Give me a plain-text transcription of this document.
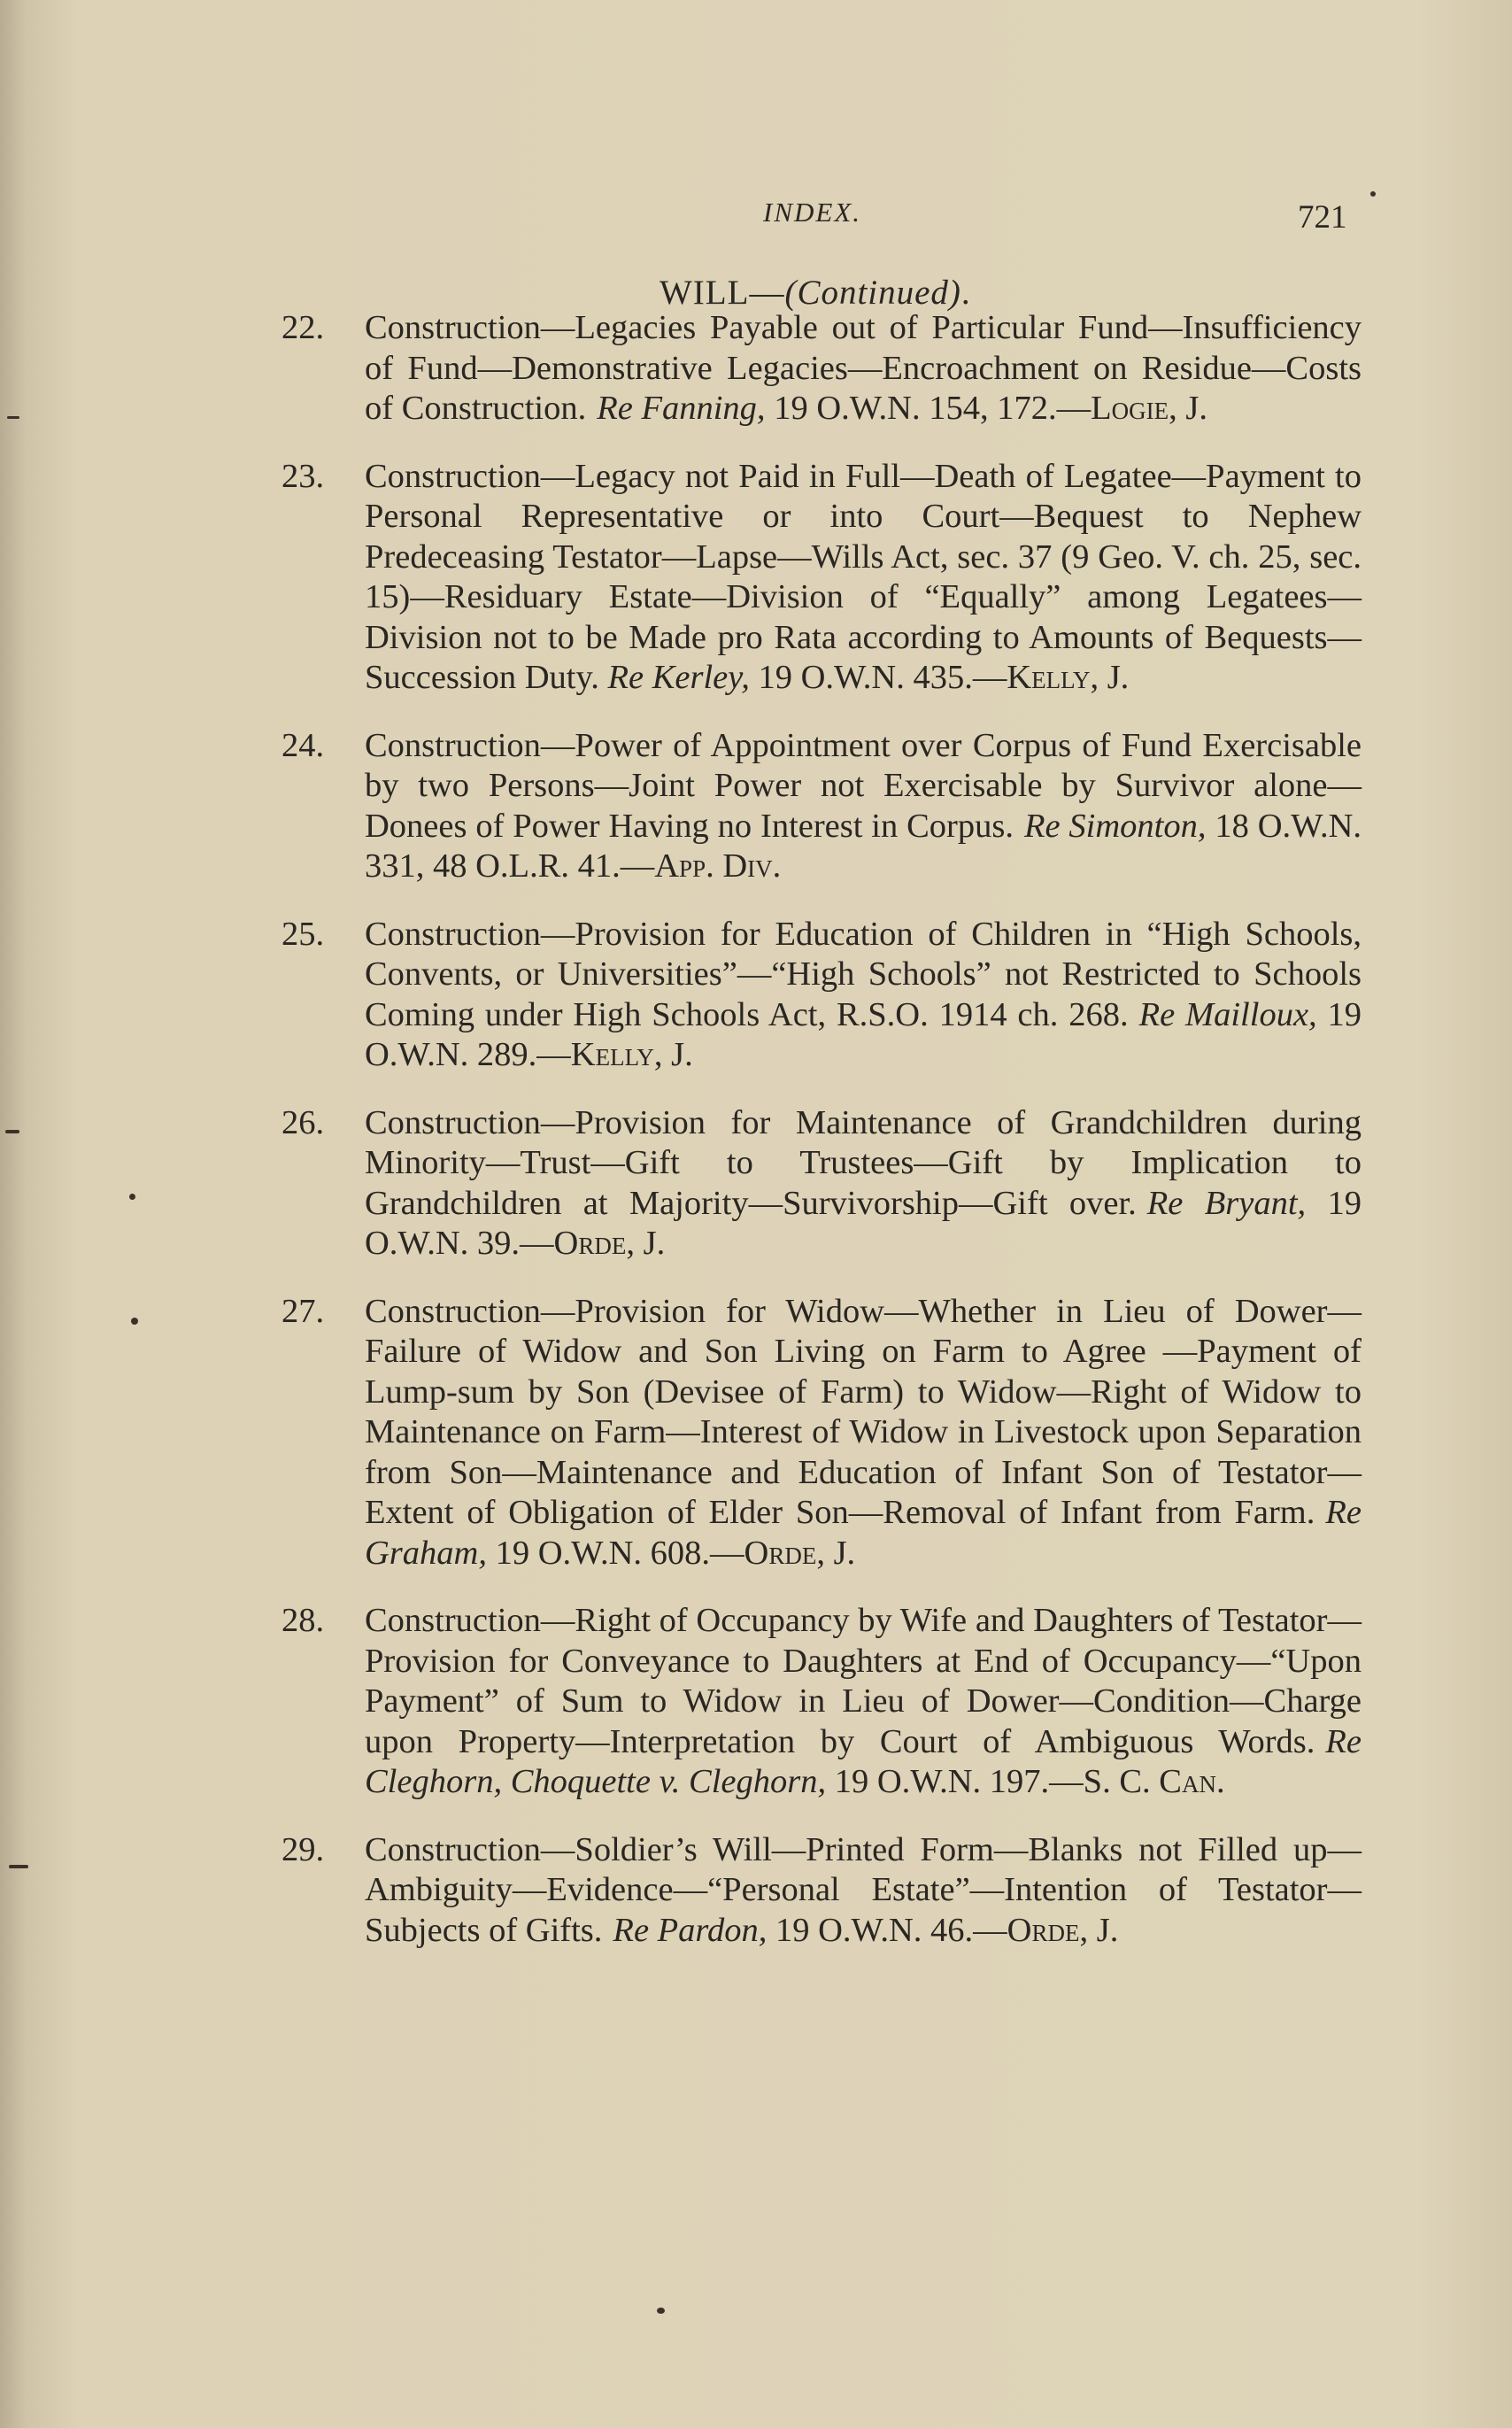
INDEX.	721
WILL—(Continued).
22. Construction—Legacies Payable out of Particular Fund—Insufficiency of Fund—Demonstrative Legacies—Encroachment on Residue—Costs of Construction. Re Fanning, 19 O.W.N. 154, 172.—Logie, J.
23. Construction—Legacy not Paid in Full—Death of Legatee—Payment to Personal Representative or into Court—Bequest to Nephew Predeceasing Testator—Lapse—Wills Act, sec. 37 (9 Geo. V. ch. 25, sec. 15)—Residuary Estate—Division of “Equally” among Legatees—Division not to be Made pro Rata according to Amounts of Bequests—Succession Duty. Re Kerley, 19 O.W.N. 435.—Kelly, J.
24. Construction—Power of Appointment over Corpus of Fund Exercisable by two Persons—Joint Power not Exercisable by Survivor alone—Donees of Power Having no Interest in Corpus. Re Simonton, 18 O.W.N. 331, 48 O.L.R. 41.—App. Div.
25. Construction—Provision for Education of Children in “High Schools, Convents, or Universities”—“High Schools” not Restricted to Schools Coming under High Schools Act, R.S.O. 1914 ch. 268. Re Mailloux, 19 O.W.N. 289.—Kelly, J.
26. Construction—Provision for Maintenance of Grandchildren during Minority—Trust—Gift to Trustees—Gift by Implication to Grandchildren at Majority—Survivorship—Gift over. Re Bryant, 19 O.W.N. 39.—Orde, J.
27. Construction—Provision for Widow—Whether in Lieu of Dower—Failure of Widow and Son Living on Farm to Agree —Payment of Lump-sum by Son (Devisee of Farm) to Widow—Right of Widow to Maintenance on Farm—Interest of Widow in Livestock upon Separation from Son—Maintenance and Education of Infant Son of Testator—Extent of Obligation of Elder Son—Removal of Infant from Farm. Re Graham, 19 O.W.N. 608.—Orde, J.
28. Construction—Right of Occupancy by Wife and Daughters of Testator—Provision for Conveyance to Daughters at End of Occupancy—“Upon Payment” of Sum to Widow in Lieu of Dower—Condition—Charge upon Property—Interpretation by Court of Ambiguous Words. Re Cleghorn, Choquette v. Cleghorn, 19 O.W.N. 197.—S. C. Can.
29. Construction—Soldier’s Will—Printed Form—Blanks not Filled up—Ambiguity—Evidence—“Personal Estate”—Intention of Testator—Subjects of Gifts. Re Pardon, 19 O.W.N. 46.—Orde, J.
